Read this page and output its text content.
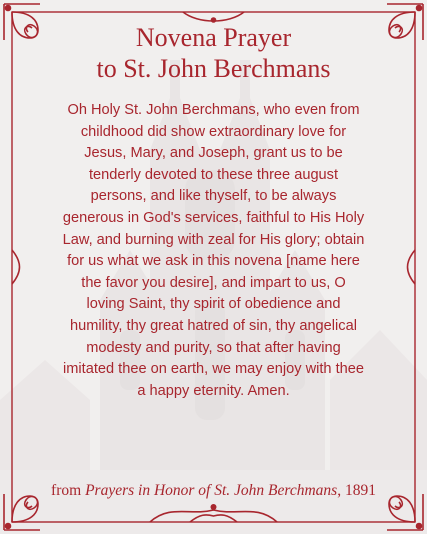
Novena Prayer
to St. John Berchmans

Oh Holy St. John Berchmans, who even from childhood did show extraordinary love for Jesus, Mary, and Joseph, grant us to be tenderly devoted to these three august persons, and like thyself, to be always generous in God's services, faithful to His Holy Law, and burning with zeal for His glory; obtain for us what we ask in this novena [name here the favor you desire], and impart to us, O loving Saint, thy spirit of obedience and humility, thy great hatred of sin, thy angelical modesty and purity, so that after having imitated thee on earth, we may enjoy with thee a happy eternity. Amen.

from Prayers in Honor of St. John Berchmans, 1891
